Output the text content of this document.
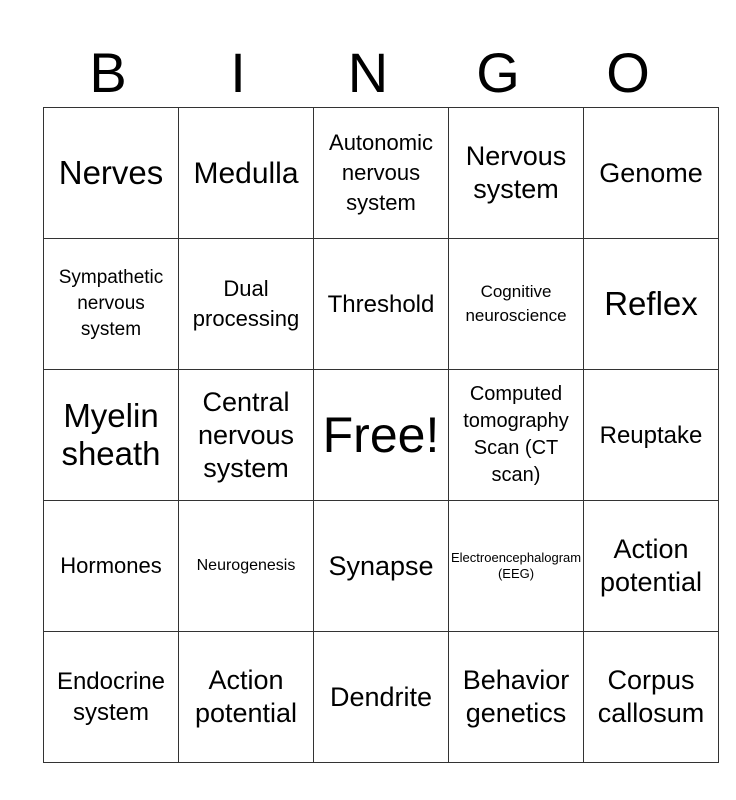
B	I	N	G	O
Nerves	Medulla	Autonomic nervous system	Nervous system	Genome

Sympathetic nervous system	Dual processing	Threshold	Cognitive neuroscience	Reflex

Myelin sheath	Central nervous system	Free!	Computed tomography Scan (CT scan)	Reuptake

Hormones	Neurogenesis	Synapse	Electroencephalogram (EEG)	Action potential

Endocrine system	Action potential	Dendrite	Behavior genetics	Corpus callosum
